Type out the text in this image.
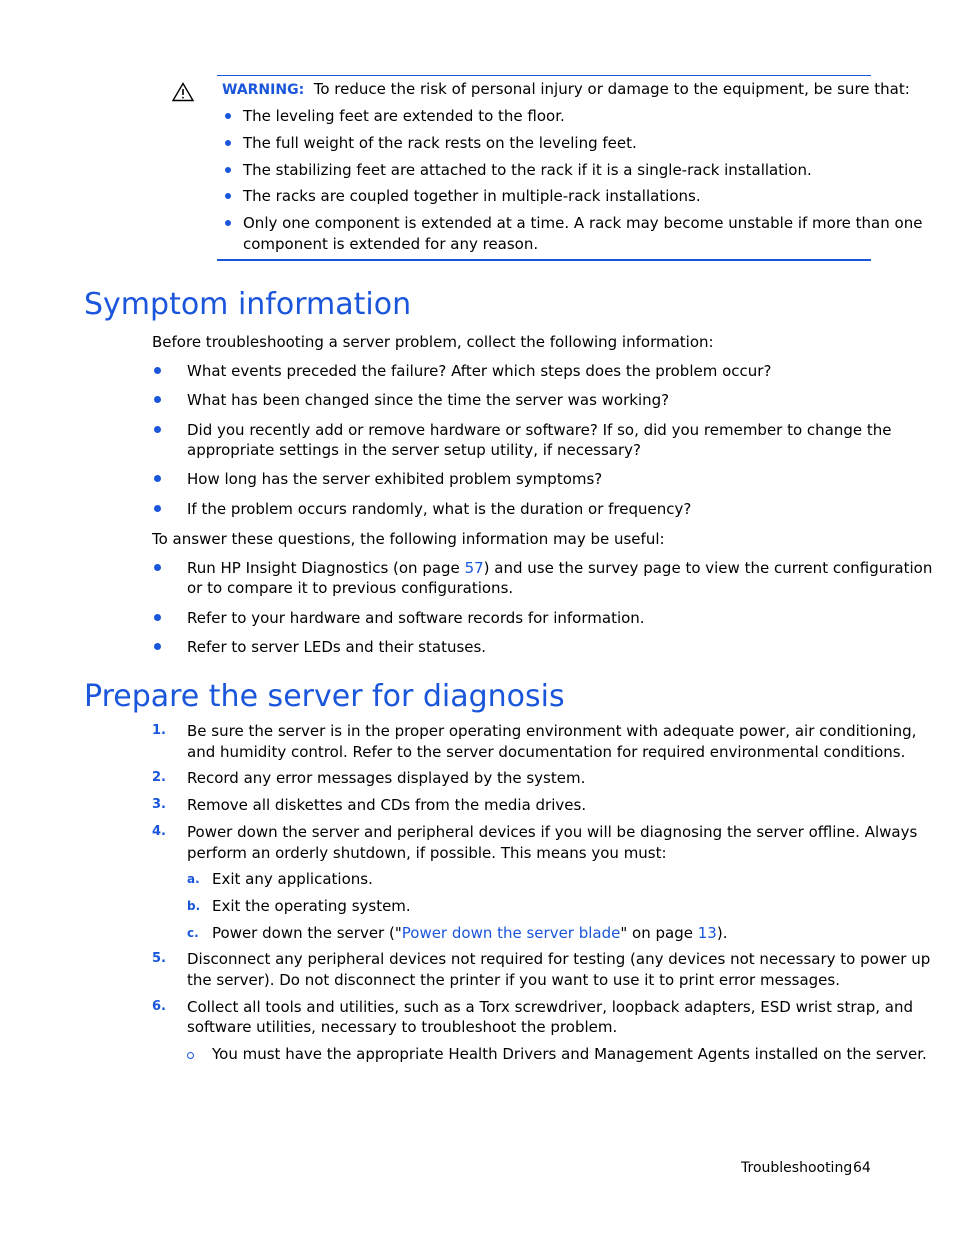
WARNING: To reduce the risk of personal injury or damage to the equipment, be sure that:
The leveling feet are extended to the floor.
The full weight of the rack rests on the leveling feet.
The stabilizing feet are attached to the rack if it is a single-rack installation.
The racks are coupled together in multiple-rack installations.
Only one component is extended at a time. A rack may become unstable if more than one
component is extended for any reason.
Symptom information
Before troubleshooting a server problem, collect the following information:
What events preceded the failure? After which steps does the problem occur?
What has been changed since the time the server was working?
Did you recently add or remove hardware or software? If so, did you remember to change the
appropriate settings in the server setup utility, if necessary?
How long has the server exhibited problem symptoms?
If the problem occurs randomly, what is the duration or frequency?
To answer these questions, the following information may be useful:
Run HP Insight Diagnostics (on page 57) and use the survey page to view the current configuration
or to compare it to previous configurations.
Refer to your hardware and software records for information.
Refer to server LEDs and their statuses.
Prepare the server for diagnosis
1. Be sure the server is in the proper operating environment with adequate power, air conditioning,
and humidity control. Refer to the server documentation for required environmental conditions.
2. Record any error messages displayed by the system.
3. Remove all diskettes and CDs from the media drives.
4. Power down the server and peripheral devices if you will be diagnosing the server offline. Always
perform an orderly shutdown, if possible. This means you must:
a. Exit any applications.
b. Exit the operating system.
c. Power down the server ("Power down the server blade" on page 13).
5. Disconnect any peripheral devices not required for testing (any devices not necessary to power up
the server). Do not disconnect the printer if you want to use it to print error messages.
6. Collect all tools and utilities, such as a Torx screwdriver, loopback adapters, ESD wrist strap, and
software utilities, necessary to troubleshoot the problem.
You must have the appropriate Health Drivers and Management Agents installed on the server.
Troubleshooting 64
